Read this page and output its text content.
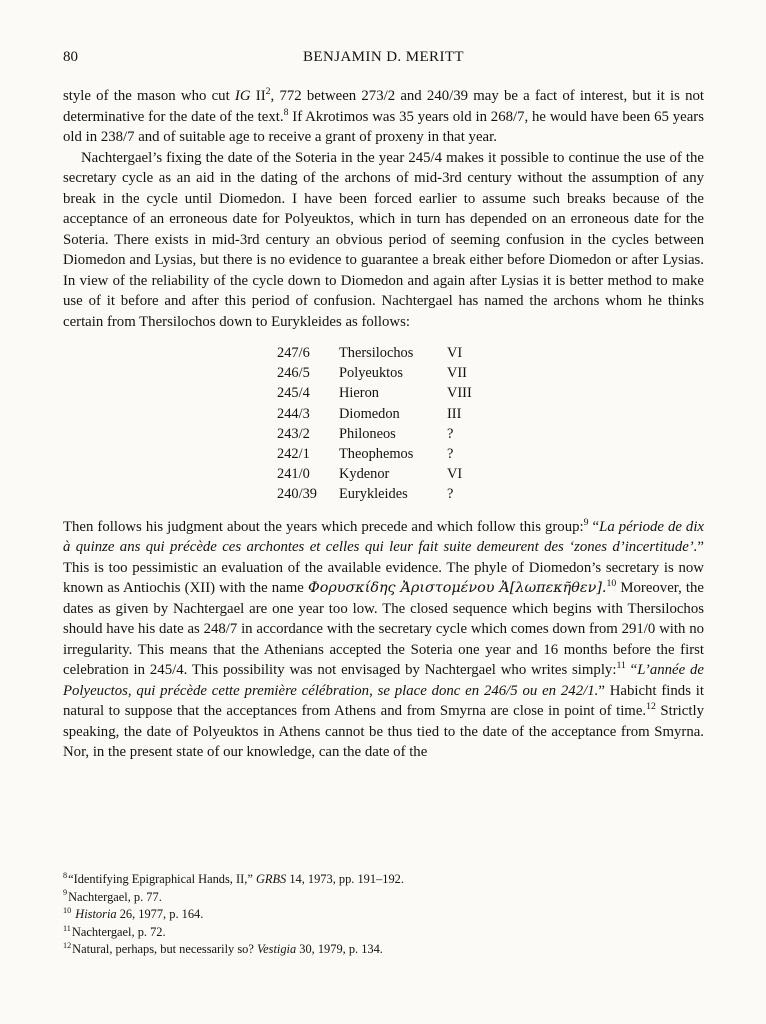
80	BENJAMIN D. MERITT

style of the mason who cut IG $II^2$, 772 between 273/2 and 240/39 may be a fact of interest, but it is not determinative for the date of the text.$^8$ If Akrotimos was 35 years old in 268/7, he would have been 65 years old in 238/7 and of suitable age to receive a grant of proxeny in that year.

Nachtergael’s fixing the date of the Soteria in the year 245/4 makes it possible to continue the use of the secretary cycle as an aid in the dating of the archons of mid-3rd century without the assumption of any break in the cycle until Diomedon. I have been forced earlier to assume such breaks because of the acceptance of an erroneous date for Polyeuktos, which in turn has depended on an erroneous date for the Soteria. There exists in mid-3rd century an obvious period of seeming confusion in the cycles between Diomedon and Lysias, but there is no evidence to guarantee a break either before Diomedon or after Lysias. In view of the reliability of the cycle down to Diomedon and again after Lysias it is better method to make use of it before and after this period of confusion. Nachtergael has named the archons whom he thinks certain from Thersilochos down to Eurykleides as follows:

247/6	Thersilochos	VI
246/5	Polyeuktos	VII
245/4	Hieron	VIII
244/3	Diomedon	III
243/2	Philoneos	?
242/1	Theophemos	?
241/0	Kydenor	VI
240/39	Eurykleides	?

Then follows his judgment about the years which precede and which follow this group:$^9$ “La période de dix à quinze ans qui précède ces archontes et celles qui leur fait suite demeurent des ‘zones d’incertitude’.” This is too pessimistic an evaluation of the available evidence. The phyle of Diomedon’s secretary is now known as Antiochis (XII) with the name Φορυσκίδης Ἀριστομένου Ἀ[λωπεκῆθεν].$^{10}$ Moreover, the dates as given by Nachtergael are one year too low. The closed sequence which begins with Thersilochos should have his date as 248/7 in accordance with the secretary cycle which comes down from 291/0 with no irregularity. This means that the Athenians accepted the Soteria one year and 16 months before the first celebration in 245/4. This possibility was not envisaged by Nachtergael who writes simply:$^{11}$ “L’année de Polyeuctos, qui précède cette première célébration, se place donc en 246/5 ou en 242/1.” Habicht finds it natural to suppose that the acceptances from Athens and from Smyrna are close in point of time.$^{12}$ Strictly speaking, the date of Polyeuktos in Athens cannot be thus tied to the date of the acceptance from Smyrna. Nor, in the present state of our knowledge, can the date of the

$^8$“Identifying Epigraphical Hands, II,” GRBS 14, 1973, pp. 191–192.

$^9$Nachtergael, p. 77.

$^{10}$ Historia 26, 1977, p. 164.

$^{11}$Nachtergael, p. 72.

$^{12}$Natural, perhaps, but necessarily so? Vestigia 30, 1979, p. 134.
